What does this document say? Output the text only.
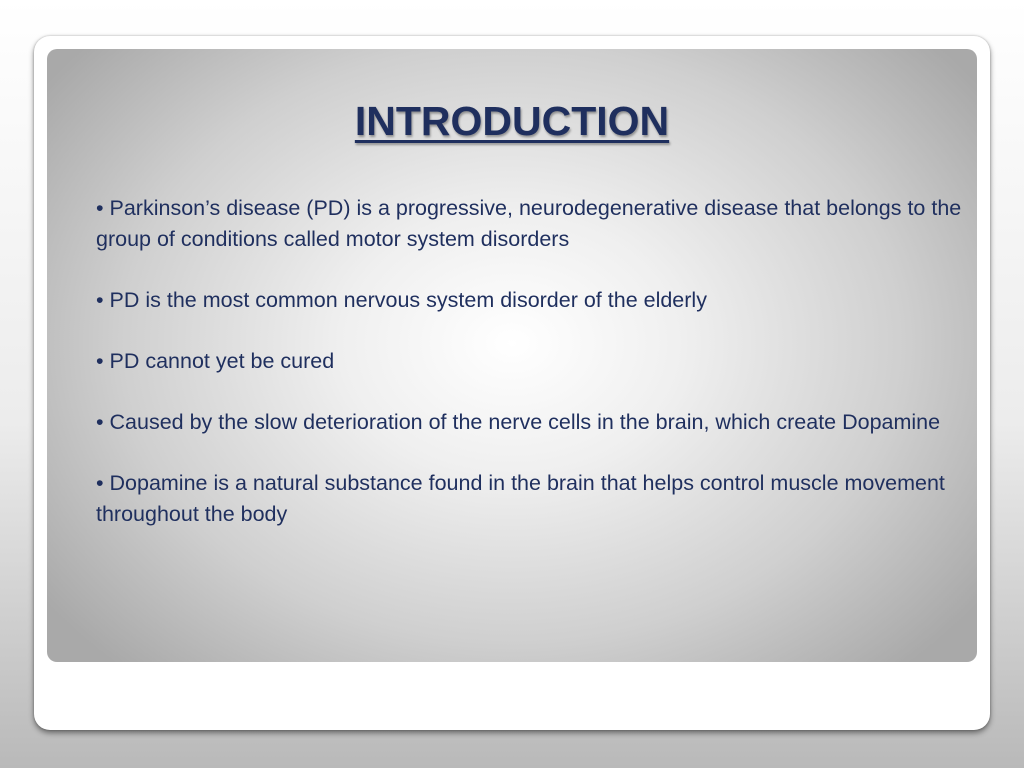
INTRODUCTION
• Parkinson’s disease (PD) is a progressive, neurodegenerative disease that belongs to the group of conditions called motor system disorders
• PD is the most common nervous system disorder of the elderly
• PD cannot yet be cured
• Caused by the slow deterioration of the nerve cells in the brain, which create Dopamine
• Dopamine is a natural substance found in the brain that helps control muscle movement throughout the body
